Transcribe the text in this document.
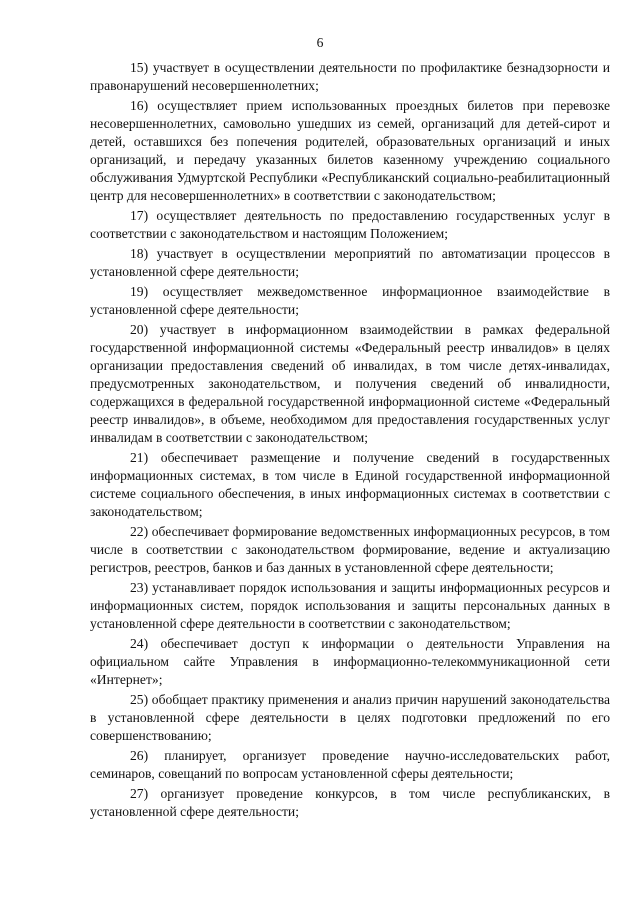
6

15) участвует в осуществлении деятельности по профилактике безнадзорности и правонарушений несовершеннолетних;

16) осуществляет прием использованных проездных билетов при перевозке несовершеннолетних, самовольно ушедших из семей, организаций для детей-сирот и детей, оставшихся без попечения родителей, образовательных организаций и иных организаций, и передачу указанных билетов казенному учреждению социального обслуживания Удмуртской Республики «Республиканский социально-реабилитационный центр для несовершеннолетних» в соответствии с законодательством;

17) осуществляет деятельность по предоставлению государственных услуг в соответствии с законодательством и настоящим Положением;

18) участвует в осуществлении мероприятий по автоматизации процессов в установленной сфере деятельности;

19) осуществляет межведомственное информационное взаимодействие в установленной сфере деятельности;

20) участвует в информационном взаимодействии в рамках федеральной государственной информационной системы «Федеральный реестр инвалидов» в целях организации предоставления сведений об инвалидах, в том числе детях-инвалидах, предусмотренных законодательством, и получения сведений об инвалидности, содержащихся в федеральной государственной информационной системе «Федеральный реестр инвалидов», в объеме, необходимом для предоставления государственных услуг инвалидам в соответствии с законодательством;

21) обеспечивает размещение и получение сведений в государственных информационных системах, в том числе в Единой государственной информационной системе социального обеспечения, в иных информационных системах в соответствии с законодательством;

22) обеспечивает формирование ведомственных информационных ресурсов, в том числе в соответствии с законодательством формирование, ведение и актуализацию регистров, реестров, банков и баз данных в установленной сфере деятельности;

23) устанавливает порядок использования и защиты информационных ресурсов и информационных систем, порядок использования и защиты персональных данных в установленной сфере деятельности в соответствии с законодательством;

24) обеспечивает доступ к информации о деятельности Управления на официальном сайте Управления в информационно-телекоммуникационной сети «Интернет»;

25) обобщает практику применения и анализ причин нарушений законодательства в установленной сфере деятельности в целях подготовки предложений по его совершенствованию;

26) планирует, организует проведение научно-исследовательских работ, семинаров, совещаний по вопросам установленной сферы деятельности;

27) организует проведение конкурсов, в том числе республиканских, в установленной сфере деятельности;
